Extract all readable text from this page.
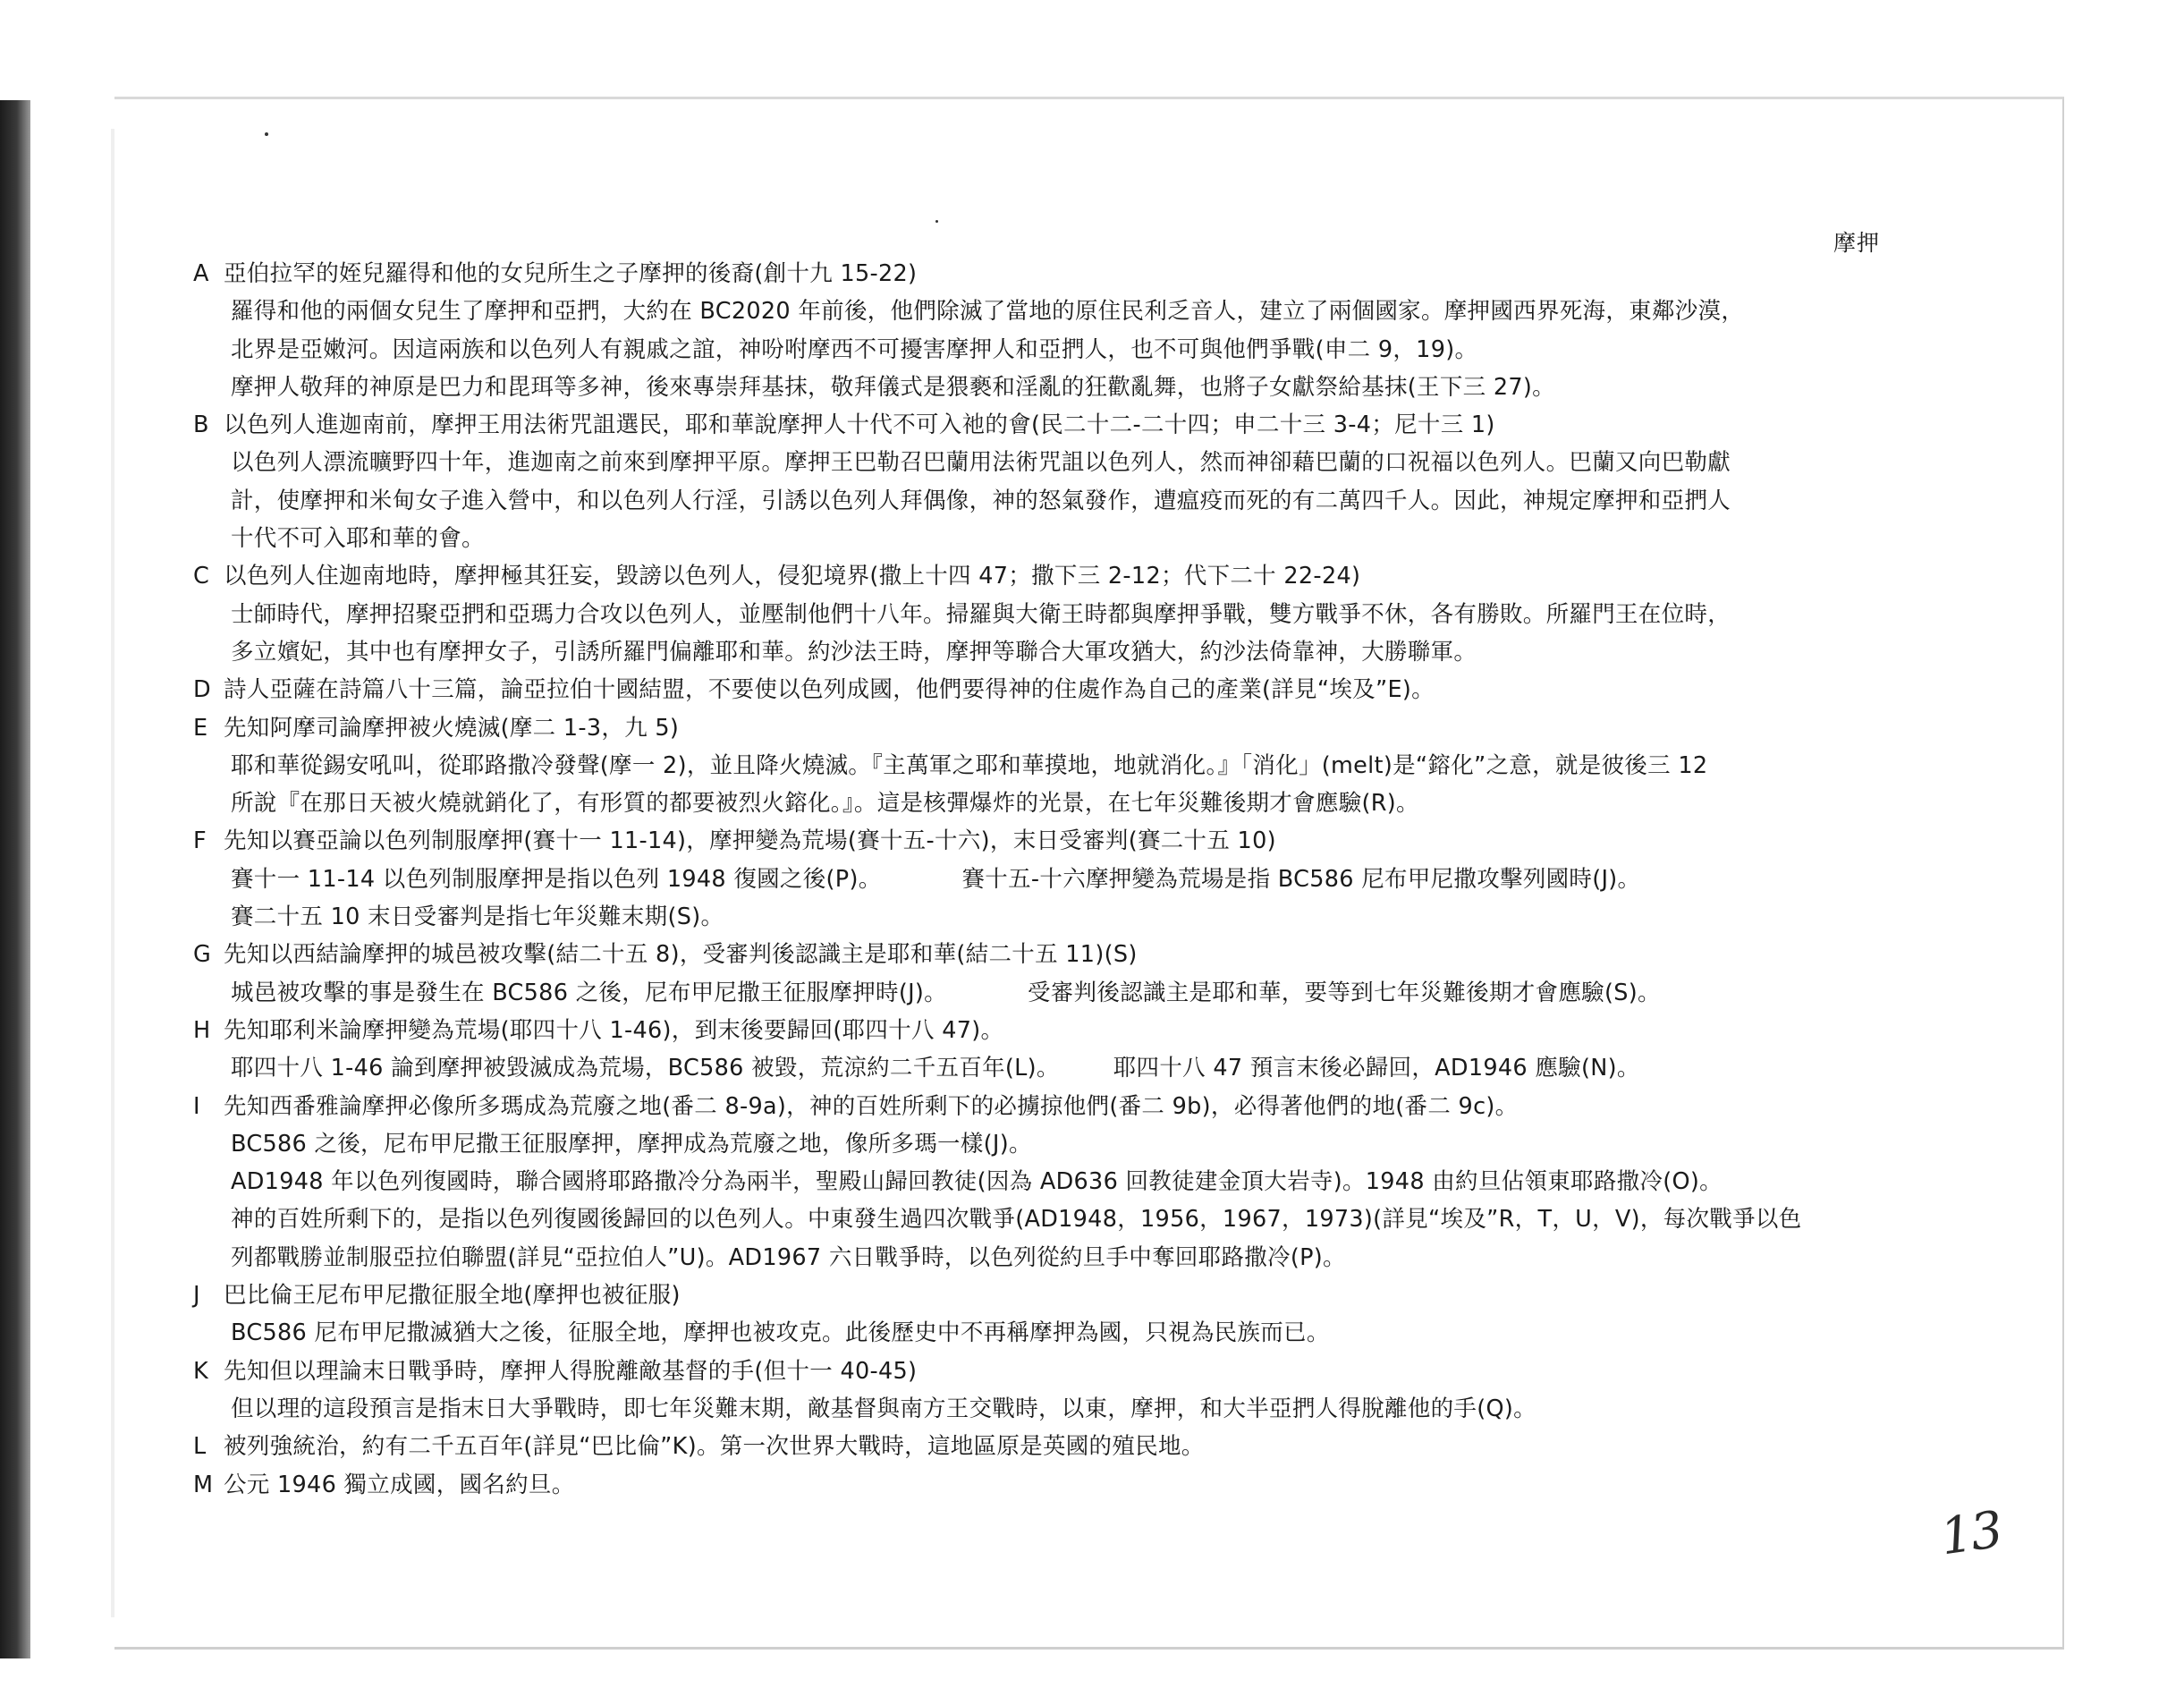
摩押
A 亞伯拉罕的姪兒羅得和他的女兒所生之子摩押的後裔(創十九 15-22)
羅得和他的兩個女兒生了摩押和亞捫，大約在 BC2020 年前後，他們除滅了當地的原住民利乏音人，建立了兩個國家。摩押國西界死海，東鄰沙漠，
北界是亞嫩河。因這兩族和以色列人有親戚之誼，神吩咐摩西不可擾害摩押人和亞捫人，也不可與他們爭戰(申二 9，19)。
摩押人敬拜的神原是巴力和毘珥等多神，後來專崇拜基抹，敬拜儀式是猥褻和淫亂的狂歡亂舞，也將子女獻祭給基抹(王下三 27)。
B 以色列人進迦南前，摩押王用法術咒詛選民，耶和華說摩押人十代不可入祂的會(民二十二-二十四；申二十三 3-4；尼十三 1)
以色列人漂流曠野四十年，進迦南之前來到摩押平原。摩押王巴勒召巴蘭用法術咒詛以色列人，然而神卻藉巴蘭的口祝福以色列人。巴蘭又向巴勒獻
計，使摩押和米甸女子進入營中，和以色列人行淫，引誘以色列人拜偶像，神的怒氣發作，遭瘟疫而死的有二萬四千人。因此，神規定摩押和亞捫人
十代不可入耶和華的會。
C 以色列人住迦南地時，摩押極其狂妄，毀謗以色列人，侵犯境界(撒上十四 47；撒下三 2-12；代下二十 22-24)
士師時代，摩押招聚亞捫和亞瑪力合攻以色列人，並壓制他們十八年。掃羅與大衛王時都與摩押爭戰，雙方戰爭不休，各有勝敗。所羅門王在位時，
多立嬪妃，其中也有摩押女子，引誘所羅門偏離耶和華。約沙法王時，摩押等聯合大軍攻猶大，約沙法倚靠神，大勝聯軍。
D 詩人亞薩在詩篇八十三篇，論亞拉伯十國結盟，不要使以色列成國，他們要得神的住處作為自己的產業(詳見“埃及”E)。
E 先知阿摩司論摩押被火燒滅(摩二 1-3，九 5)
耶和華從錫安吼叫，從耶路撒冷發聲(摩一 2)，並且降火燒滅。『主萬軍之耶和華摸地，地就消化。』「消化」(melt)是“鎔化”之意，就是彼後三 12
所說『在那日天被火燒就銷化了，有形質的都要被烈火鎔化。』。這是核彈爆炸的光景，在七年災難後期才會應驗(R)。
F 先知以賽亞論以色列制服摩押(賽十一 11-14)，摩押變為荒場(賽十五-十六)，末日受審判(賽二十五 10)
賽十一 11-14 以色列制服摩押是指以色列 1948 復國之後(P)。	賽十五-十六摩押變為荒場是指 BC586 尼布甲尼撒攻擊列國時(J)。
賽二十五 10 末日受審判是指七年災難末期(S)。
G 先知以西結論摩押的城邑被攻擊(結二十五 8)，受審判後認識主是耶和華(結二十五 11)(S)
城邑被攻擊的事是發生在 BC586 之後，尼布甲尼撒王征服摩押時(J)。	受審判後認識主是耶和華，要等到七年災難後期才會應驗(S)。
H 先知耶利米論摩押變為荒場(耶四十八 1-46)，到末後要歸回(耶四十八 47)。
耶四十八 1-46 論到摩押被毀滅成為荒場，BC586 被毀，荒涼約二千五百年(L)。 耶四十八 47 預言末後必歸回，AD1946 應驗(N)。
I	先知西番雅論摩押必像所多瑪成為荒廢之地(番二 8-9a)，神的百姓所剩下的必擄掠他們(番二 9b)，必得著他們的地(番二 9c)。
BC586 之後，尼布甲尼撒王征服摩押，摩押成為荒廢之地，像所多瑪一樣(J)。
AD1948 年以色列復國時，聯合國將耶路撒冷分為兩半，聖殿山歸回教徒(因為 AD636 回教徒建金頂大岩寺)。1948 由約旦佔領東耶路撒冷(O)。
神的百姓所剩下的，是指以色列復國後歸回的以色列人。中東發生過四次戰爭(AD1948，1956，1967，1973)(詳見“埃及”R，T，U，V)，每次戰爭以色
列都戰勝並制服亞拉伯聯盟(詳見“亞拉伯人”U)。AD1967 六日戰爭時，以色列從約旦手中奪回耶路撒冷(P)。
J	巴比倫王尼布甲尼撒征服全地(摩押也被征服)
BC586 尼布甲尼撒滅猶大之後，征服全地，摩押也被攻克。此後歷史中不再稱摩押為國，只視為民族而已。
K 先知但以理論末日戰爭時，摩押人得脫離敵基督的手(但十一 40-45)
但以理的這段預言是指末日大爭戰時，即七年災難末期，敵基督與南方王交戰時，以東，摩押，和大半亞捫人得脫離他的手(Q)。
L 被列強統治，約有二千五百年(詳見“巴比倫”K)。第一次世界大戰時，這地區原是英國的殖民地。
M 公元 1946 獨立成國，國名約旦。
13
